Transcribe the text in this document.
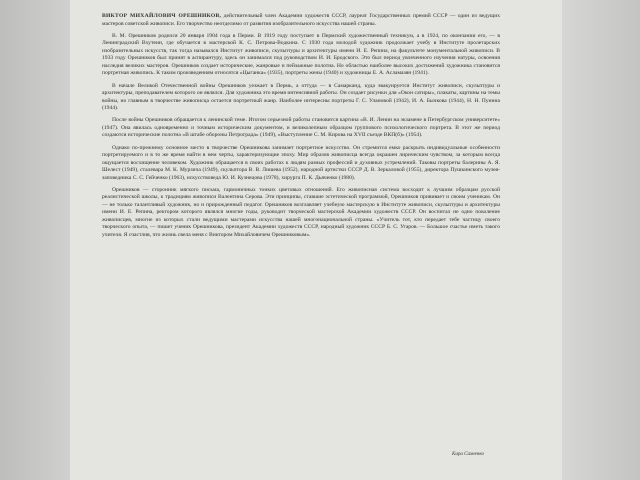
ВИКТОР МИХАЙЛОВИЧ ОРЕШНИКОВ, действительный член Академии художеств СССР, лауреат Государственных премий СССР — один из ведущих мастеров советской живописи. Его творчество неотделимо от развития изобразительного искусства нашей страны.

В. М. Орешников родился 20 января 1904 года в Перми. В 1919 году поступает в Пермский художественный техникум, а в 1924, по окончании его, — в Ленинградский Вхутеин, где обучается в мастерской К. С. Петрова-Водкина. С 1930 года молодой художник продолжает учебу в Институте пролетарских изобразительных искусств, так тогда назывался Институт живописи, скульптуры и архитектуры имени И. Е. Репина, на факультете монументальной живописи. В 1933 году Орешников был принят в аспирантуру, здесь он занимался под руководством И. И. Бродского. Это был период увлеченного изучения натуры, освоения наследия великих мастеров. Орешников создает исторические, жанровые и пейзажные полотна. Но областью наиболее высоких достижений художника становится портретная живопись. К таким произведениям относятся «Цыганка» (1935), портреты жены (1940) и художницы Е. А. Асламазян (1941).

В начале Великой Отечественной войны Орешников уезжает в Пермь, а оттуда — в Самарканд, куда эвакуируется Институт живописи, скульптуры и архитектуры, преподавателем которого он являлся. Для художника это время интенсивной работы. Он создает рисунки для «Окон сатиры», плакаты, картины на темы войны, но главным в творчестве живописца остается портретный жанр. Наиболее интересны портреты Г. С. Улановой (1942), И. А. Бычкова (1944), Н. Н. Пунина (1944).

После войны Орешников обращается к ленинской теме. Итогом серьезной работы становится картина «В. И. Ленин на экзамене в Петербургском университете» (1947). Она явилась одновременно и точным историческим документом, и великолепным образцом группового психологического портрета. В этот же период создаются исторические полотна «В штабе обороны Петрограда» (1949), «Выступление С. М. Кирова на XVII съезде ВКП(б)» (1954).

Однако по-прежнему основное место в творчестве Орешникова занимает портретное искусство. Он стремится емко раскрыть индивидуальные особенности портретируемого и в то же время найти в нем черты, характеризующие эпоху. Мир образов живописца всегда окрашен лирическим чувством, за которым всегда ощущается восхищение человеком. Художник обращается в своих работах к людям разных профессий и духовных устремлений. Таковы портреты балерины А. Я. Шелест (1949), сталевара М. К. Мурзича (1949), скульптора В. В. Лишева (1952), народной артистки СССР Д. В. Зеркаловой (1955), директора Пушкинского музея-заповедника С. С. Гейченко (1963), искусствоведа Ю. И. Кузнецова (1978), хирурга П. К. Дьяченко (1980).

Орешников — сторонник мягкого письма, гармоничных тонких цветовых отношений. Его живописная система восходит к лучшим образцам русской реалистической школы, к традициям живописи Валентина Серова. Эти принципы, ставшие эстетической программой, Орешников прививает и своим ученикам. Он — не только талантливый художник, но и прирожденный педагог. Орешников возглавляет учебную мастерскую в Институте живописи, скульптуры и архитектуры имени И. Е. Репина, ректором которого являлся многие годы, руководит творческой мастерской Академии художеств СССР. Он воспитал не одно поколение живописцев, многие из которых стали ведущими мастерами искусства нашей многонациональной страны. «Учитель тот, кто передает тебе частицу своего творческого опыта, — пишет ученик Орешникова, президент Академии художеств СССР, народный художник СССР Б. С. Угаров. — Большое счастье иметь такого учителя. Я счастлив, что жизнь свела меня с Виктором Михайловичем Орешниковым».

Кира Сахненко
